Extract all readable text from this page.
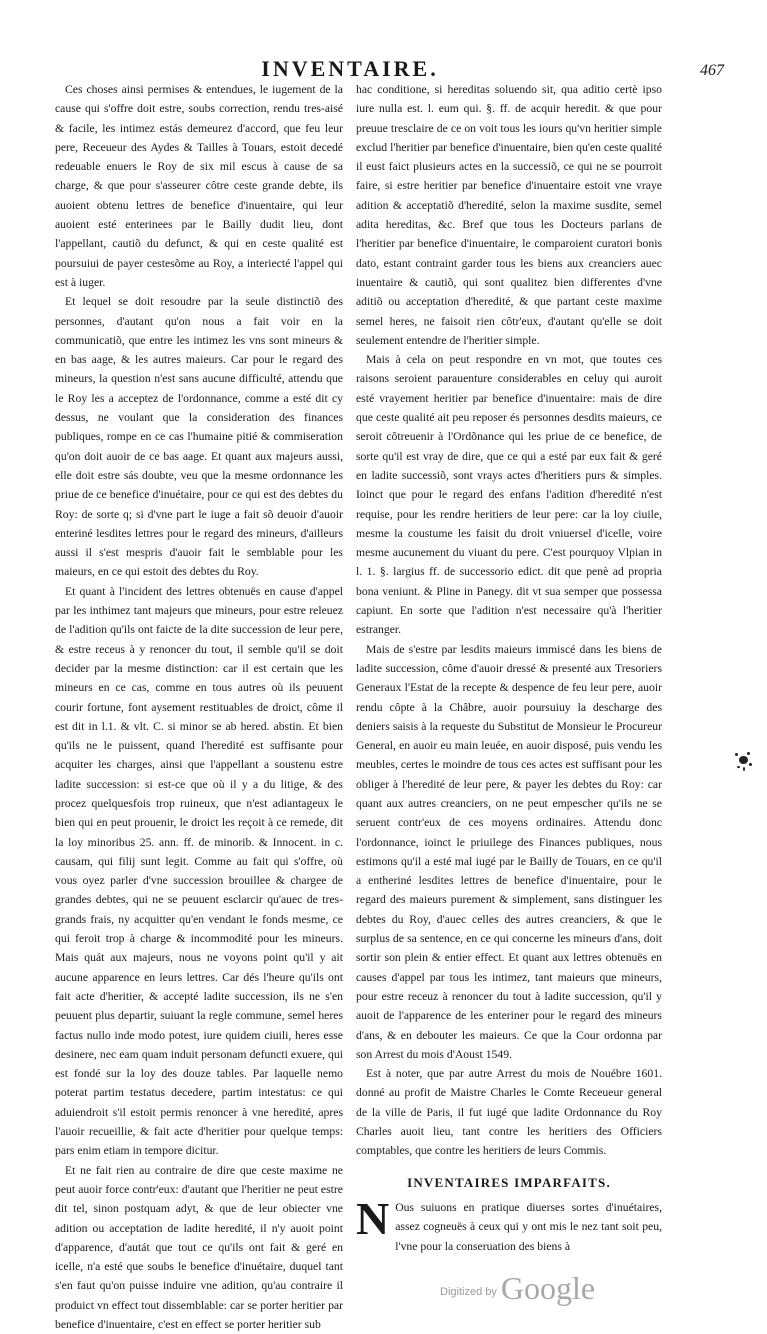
INVENTAIRE.	467

Ces choses ainsi permises & entendues, le iugement de la cause qui s'offre doit estre, soubs correction, rendu tres-aisé & facile, les intimez estás demeurez d'accord, que feu leur pere, Receueur des Aydes & Tailles à Touars, estoit decedé redeuable enuers le Roy de six mil escus à cause de sa charge, & que pour s'asseurer côtre ceste grande debte, ils auoient obtenu lettres de benefice d'inuentaire, qui leur auoient esté enterinees par le Bailly dudit lieu, dont l'appellant, cautiõ du defunct, & qui en ceste qualité est poursuiui de payer cestesõme au Roy, a interiecté l'appel qui est à iuger.

Et lequel se doit resoudre par la seule distinctiõ des personnes, d'autant qu'on nous a fait voir en la communicatiõ, que entre les intimez les vns sont mineurs & en bas aage, & les autres maieurs. Car pour le regard des mineurs, la question n'est sans aucune difficulté, attendu que le Roy les a acceptez de l'ordonnance, comme a esté dit cy dessus, ne voulant que la consideration des finances publiques, rompe en ce cas l'humaine pitié & commiseration qu'on doit auoir de ce bas aage. Et quant aux majeurs aussi, elle doit estre sás doubte, veu que la mesme ordonnance les priue de ce benefice d'inuétaire, pour ce qui est des debtes du Roy: de sorte q; si d'vne part le iuge a fait sõ deuoir d'auoir enteriné lesdites lettres pour le regard des mineurs, d'ailleurs aussi il s'est mespris d'auoir fait le semblable pour les maieurs, en ce qui estoit des debtes du Roy.

Et quant à l'incident des lettres obtenuës en cause d'appel par les inthimez tant majeurs que mineurs, pour estre releuez de l'adition qu'ils ont faicte de la dite succession de leur pere, & estre receus à y renoncer du tout, il semble qu'il se doit decider par la mesme distinction: car il est certain que les mineurs en ce cas, comme en tous autres où ils peuuent courir fortune, font aysement restituables de droict, côme il est dit in l.1. & vlt. C. si minor se ab hered. abstin. Et bien qu'ils ne le puissent, quand l'heredité est suffisante pour acquiter les charges, ainsi que l'appellant a soustenu estre ladite succession: si est-ce que où il y a du litige, & des procez quelquesfois trop ruineux, que n'est adiantageux le bien qui en peut prouenir, le droict les reçoit à ce remede, dit la loy minoribus 25. ann. ff. de minorib. & Innocent. in c. causam, qui filij sunt legit. Comme au fait qui s'offre, où vous oyez parler d'vne succession brouillee & chargee de grandes debtes, qui ne se peuuent esclarcir qu'auec de tres-grands frais, ny acquitter qu'en vendant le fonds mesme, ce qui feroit trop à charge & incommodité pour les mineurs. Mais quát aux majeurs, nous ne voyons point qu'il y ait aucune apparence en leurs lettres. Car dés l'heure qu'ils ont fait acte d'heritier, & accepté ladite succession, ils ne s'en peuuent plus departir, suiuant la regle commune, semel heres factus nullo inde modo potest, iure quidem ciuili, heres esse desinere, nec eam quam induit personam defuncti exuere, qui est fondé sur la loy des douze tables. Par laquelle nemo poterat partim testatus decedere, partim intestatus: ce qui aduiendroit s'il estoit permis renoncer à vne heredité, apres l'auoir recueillie, & fait acte d'heritier pour quelque temps: pars enim etiam in tempore dicitur.

Et ne fait rien au contraire de dire que ceste maxime ne peut auoir force contr'eux: d'autant que l'heritier ne peut estre dit tel, sinon postquam adyt, & que de leur obiecter vne adition ou acceptation de ladite heredité, il n'y auoit point d'apparence, d'autát que tout ce qu'ils ont fait & geré en icelle, n'a esté que soubs le benefice d'inuétaire, duquel tant s'en faut qu'on puisse induire vne adition, qu'au contraire il produict vn effect tout dissemblable: car se porter heritier par benefice d'inuentaire, c'est en effect se porter heritier sub

hac conditione, si hereditas soluendo sit, qua aditio certè ipso iure nulla est. l. eum qui. §. ff. de acquir heredit. & que pour preuue tresclaire de ce on voit tous les iours qu'vn heritier simple exclud l'heritier par benefice d'inuentaire, bien qu'en ceste qualité il eust faict plusieurs actes en la successiõ, ce qui ne se pourroit faire, si estre heritier par benefice d'inuentaire estoit vne vraye adition & acceptatiõ d'heredité, selon la maxime susdite, semel adita hereditas, &c. Bref que tous les Docteurs parlans de l'heritier par benefice d'inuentaire, le comparoient curatori bonis dato, estant contraint garder tous les biens aux creanciers auec inuentaire & cautiõ, qui sont qualitez bien differentes d'vne aditiõ ou acceptation d'heredité, & que partant ceste maxime semel heres, ne faisoit rien côtr'eux, d'autant qu'elle se doit seulement entendre de l'heritier simple.

Mais à cela on peut respondre en vn mot, que toutes ces raisons seroient parauenture considerables en celuy qui auroit esté vrayement heritier par benefice d'inuentaire: mais de dire que ceste qualité ait peu reposer és personnes desdits maieurs, ce seroit côtreuenir à l'Ordõnance qui les priue de ce benefice, de sorte qu'il est vray de dire, que ce qui a esté par eux fait & geré en ladite successiõ, sont vrays actes d'heritiers purs & simples. Ioinct que pour le regard des enfans l'adition d'heredité n'est requise, pour les rendre heritiers de leur pere: car la loy ciuile, mesme la coustume les faisit du droit vniuersel d'icelle, voire mesme aucunement du viuant du pere. C'est pourquoy Vlpian in l. 1. §. largius ff. de successorio edict. dit que penè ad propria bona veniunt. & Pline in Panegy. dit vt sua semper que possessa capiunt. En sorte que l'adition n'est necessaire qu'à l'heritier estranger.

Mais de s'estre par lesdits maieurs immiscé dans les biens de ladite succession, côme d'auoir dressé & presenté aux Tresoriers Generaux l'Estat de la recepte & despence de feu leur pere, auoir rendu côpte à la Châbre, auoir poursuiuy la descharge des deniers saisis à la requeste du Substitut de Monsieur le Procureur General, en auoir eu main leuée, en auoir disposé, puis vendu les meubles, certes le moindre de tous ces actes est suffisant pour les obliger à l'heredité de leur pere, & payer les debtes du Roy: car quant aux autres creanciers, on ne peut empescher qu'ils ne se seruent contr'eux de ces moyens ordinaires. Attendu donc l'ordonnance, ioinct le priuilege des Finances publiques, nous estimons qu'il a esté mal iugé par le Bailly de Touars, en ce qu'il a entheriné lesdites lettres de benefice d'inuentaire, pour le regard des maieurs purement & simplement, sans distinguer les debtes du Roy, d'auec celles des autres creanciers, & que le surplus de sa sentence, en ce qui concerne les mineurs d'ans, doit sortir son plein & entier effect. Et quant aux lettres obtenuës en causes d'appel par tous les intimez, tant maieurs que mineurs, pour estre receuz à renoncer du tout à ladite succession, qu'il y auoit de l'apparence de les enteriner pour le regard des mineurs d'ans, & en debouter les maieurs. Ce que la Cour ordonna par son Arrest du mois d'Aoust 1549.

Est à noter, que par autre Arrest du mois de Nouébre 1601. donné au profit de Maistre Charles le Comte Receueur general de la ville de Paris, il fut iugé que ladite Ordonnance du Roy Charles auoit lieu, tant contre les heritiers des Officiers comptables, que contre les heritiers de leurs Commis.

INVENTAIRES IMPARFAITS.

N Ous suiuons en pratique diuerses sortes d'inuétaires, assez cogneuës à ceux qui y ont mis le nez tant soit peu, l'vne pour la conseruation des biens à

Digitized by Google
